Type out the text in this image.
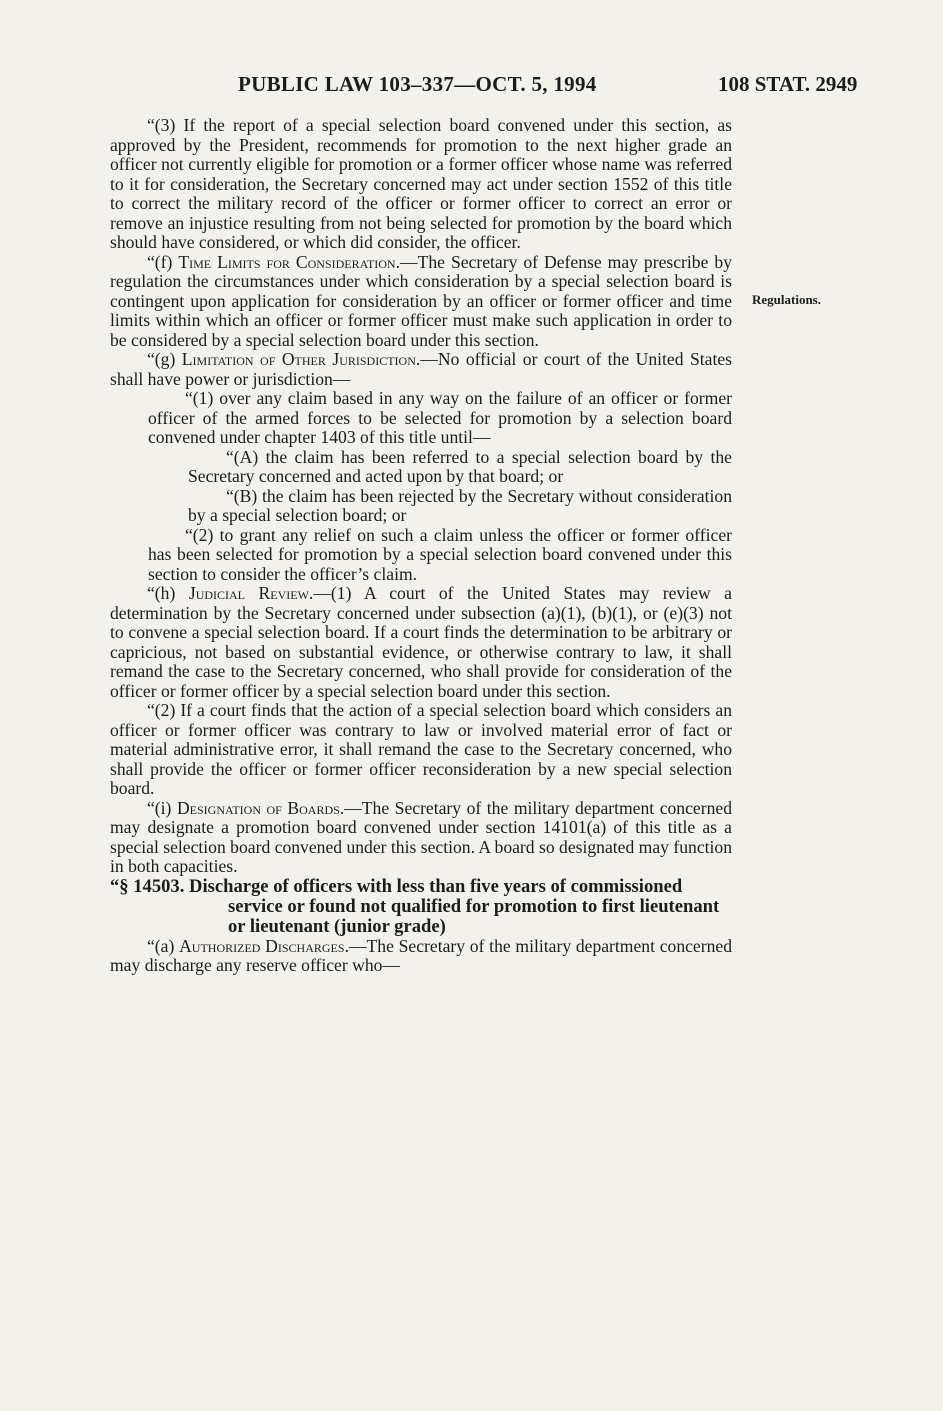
PUBLIC LAW 103–337—OCT. 5, 1994	108 STAT. 2949
Regulations.

“(3) If the report of a special selection board convened under this section, as approved by the President, recommends for promotion to the next higher grade an officer not currently eligible for promotion or a former officer whose name was referred to it for consideration, the Secretary concerned may act under section 1552 of this title to correct the military record of the officer or former officer to correct an error or remove an injustice resulting from not being selected for promotion by the board which should have considered, or which did consider, the officer.

“(f) Time Limits for Consideration.—The Secretary of Defense may prescribe by regulation the circumstances under which consideration by a special selection board is contingent upon application for consideration by an officer or former officer and time limits within which an officer or former officer must make such application in order to be considered by a special selection board under this section.

“(g) Limitation of Other Jurisdiction.—No official or court of the United States shall have power or jurisdiction—

“(1) over any claim based in any way on the failure of an officer or former officer of the armed forces to be selected for promotion by a selection board convened under chapter 1403 of this title until—

“(A) the claim has been referred to a special selection board by the Secretary concerned and acted upon by that board; or

“(B) the claim has been rejected by the Secretary without consideration by a special selection board; or

“(2) to grant any relief on such a claim unless the officer or former officer has been selected for promotion by a special selection board convened under this section to consider the officer’s claim.

“(h) Judicial Review.—(1) A court of the United States may review a determination by the Secretary concerned under subsection (a)(1), (b)(1), or (e)(3) not to convene a special selection board. If a court finds the determination to be arbitrary or capricious, not based on substantial evidence, or otherwise contrary to law, it shall remand the case to the Secretary concerned, who shall provide for consideration of the officer or former officer by a special selection board under this section.

“(2) If a court finds that the action of a special selection board which considers an officer or former officer was contrary to law or involved material error of fact or material administrative error, it shall remand the case to the Secretary concerned, who shall provide the officer or former officer reconsideration by a new special selection board.

“(i) Designation of Boards.—The Secretary of the military department concerned may designate a promotion board convened under section 14101(a) of this title as a special selection board convened under this section. A board so designated may function in both capacities.

“§ 14503. Discharge of officers with less than five years of commissioned service or found not qualified for promotion to first lieutenant or lieutenant (junior grade)

“(a) Authorized Discharges.—The Secretary of the military department concerned may discharge any reserve officer who—
